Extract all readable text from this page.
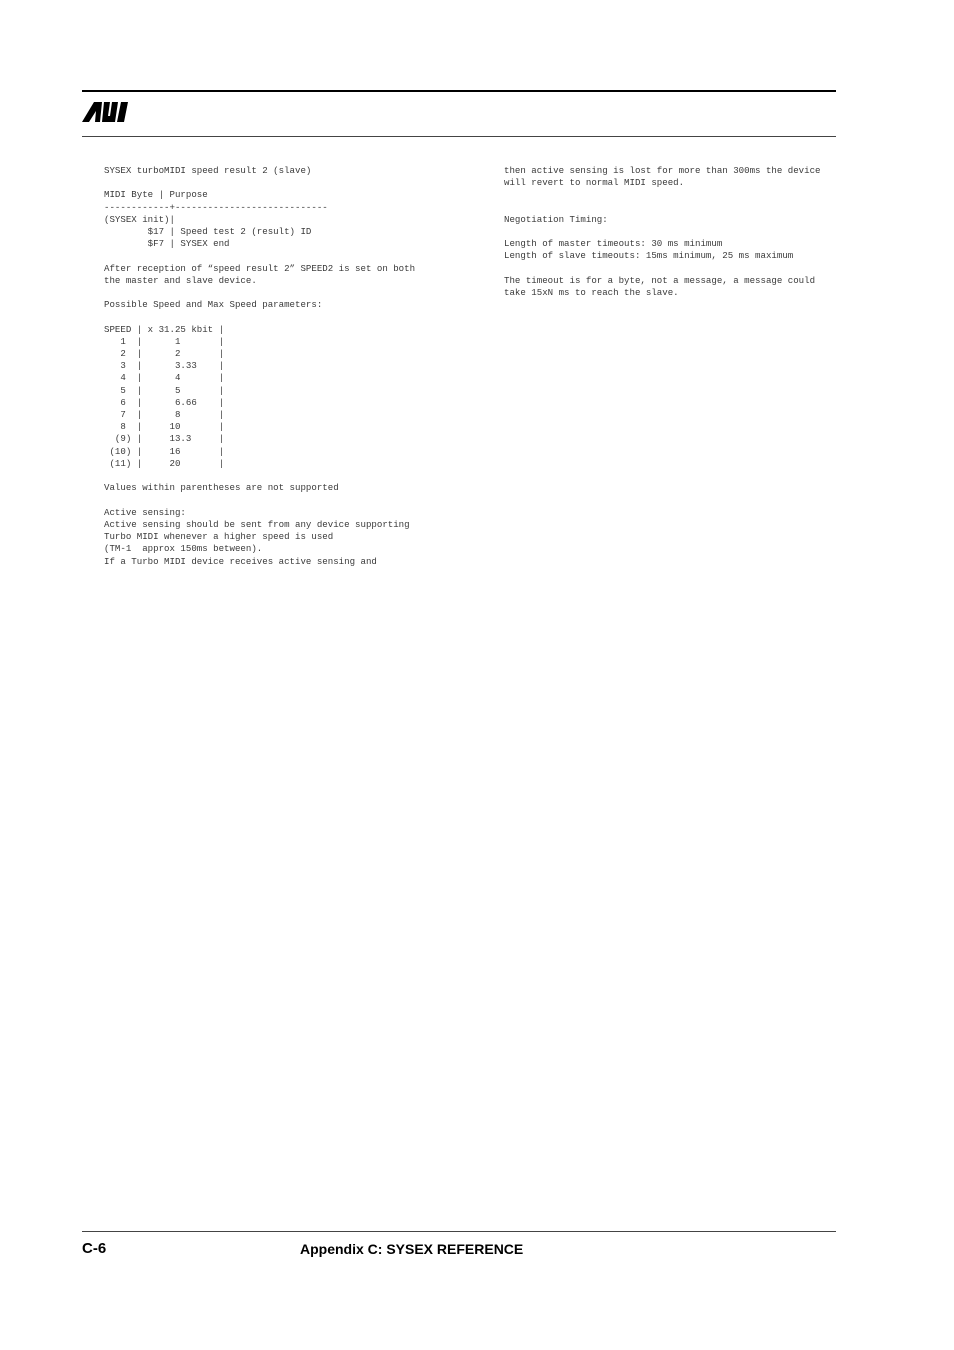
SYSEX turboMIDI speed result 2 (slave)

MIDI Byte | Purpose
------------+----------------------------
(SYSEX init)|
$17 | Speed test 2 (result) ID
$F7 | SYSEX end

After reception of “speed result 2” SPEED2 is set on both
the master and slave device.

Possible Speed and Max Speed parameters:

SPEED | x 31.25 kbit |
1  |      1       |
2  |      2       |
3  |      3.33    |
4  |      4       |
5  |      5       |
6  |      6.66    |
7  |      8       |
8  |     10       |
(9) |     13.3     |
(10) |     16       |
(11) |     20       |

Values within parentheses are not supported

Active sensing:
Active sensing should be sent from any device supporting
Turbo MIDI whenever a higher speed is used
(TM-1  approx 150ms between).
If a Turbo MIDI device receives active sensing and
then active sensing is lost for more than 300ms the device
will revert to normal MIDI speed.

Negotiation Timing:

Length of master timeouts: 30 ms minimum
Length of slave timeouts: 15ms minimum, 25 ms maximum

The timeout is for a byte, not a message, a message could
take 15xN ms to reach the slave.
C-6	Appendix C: SYSEX REFERENCE
